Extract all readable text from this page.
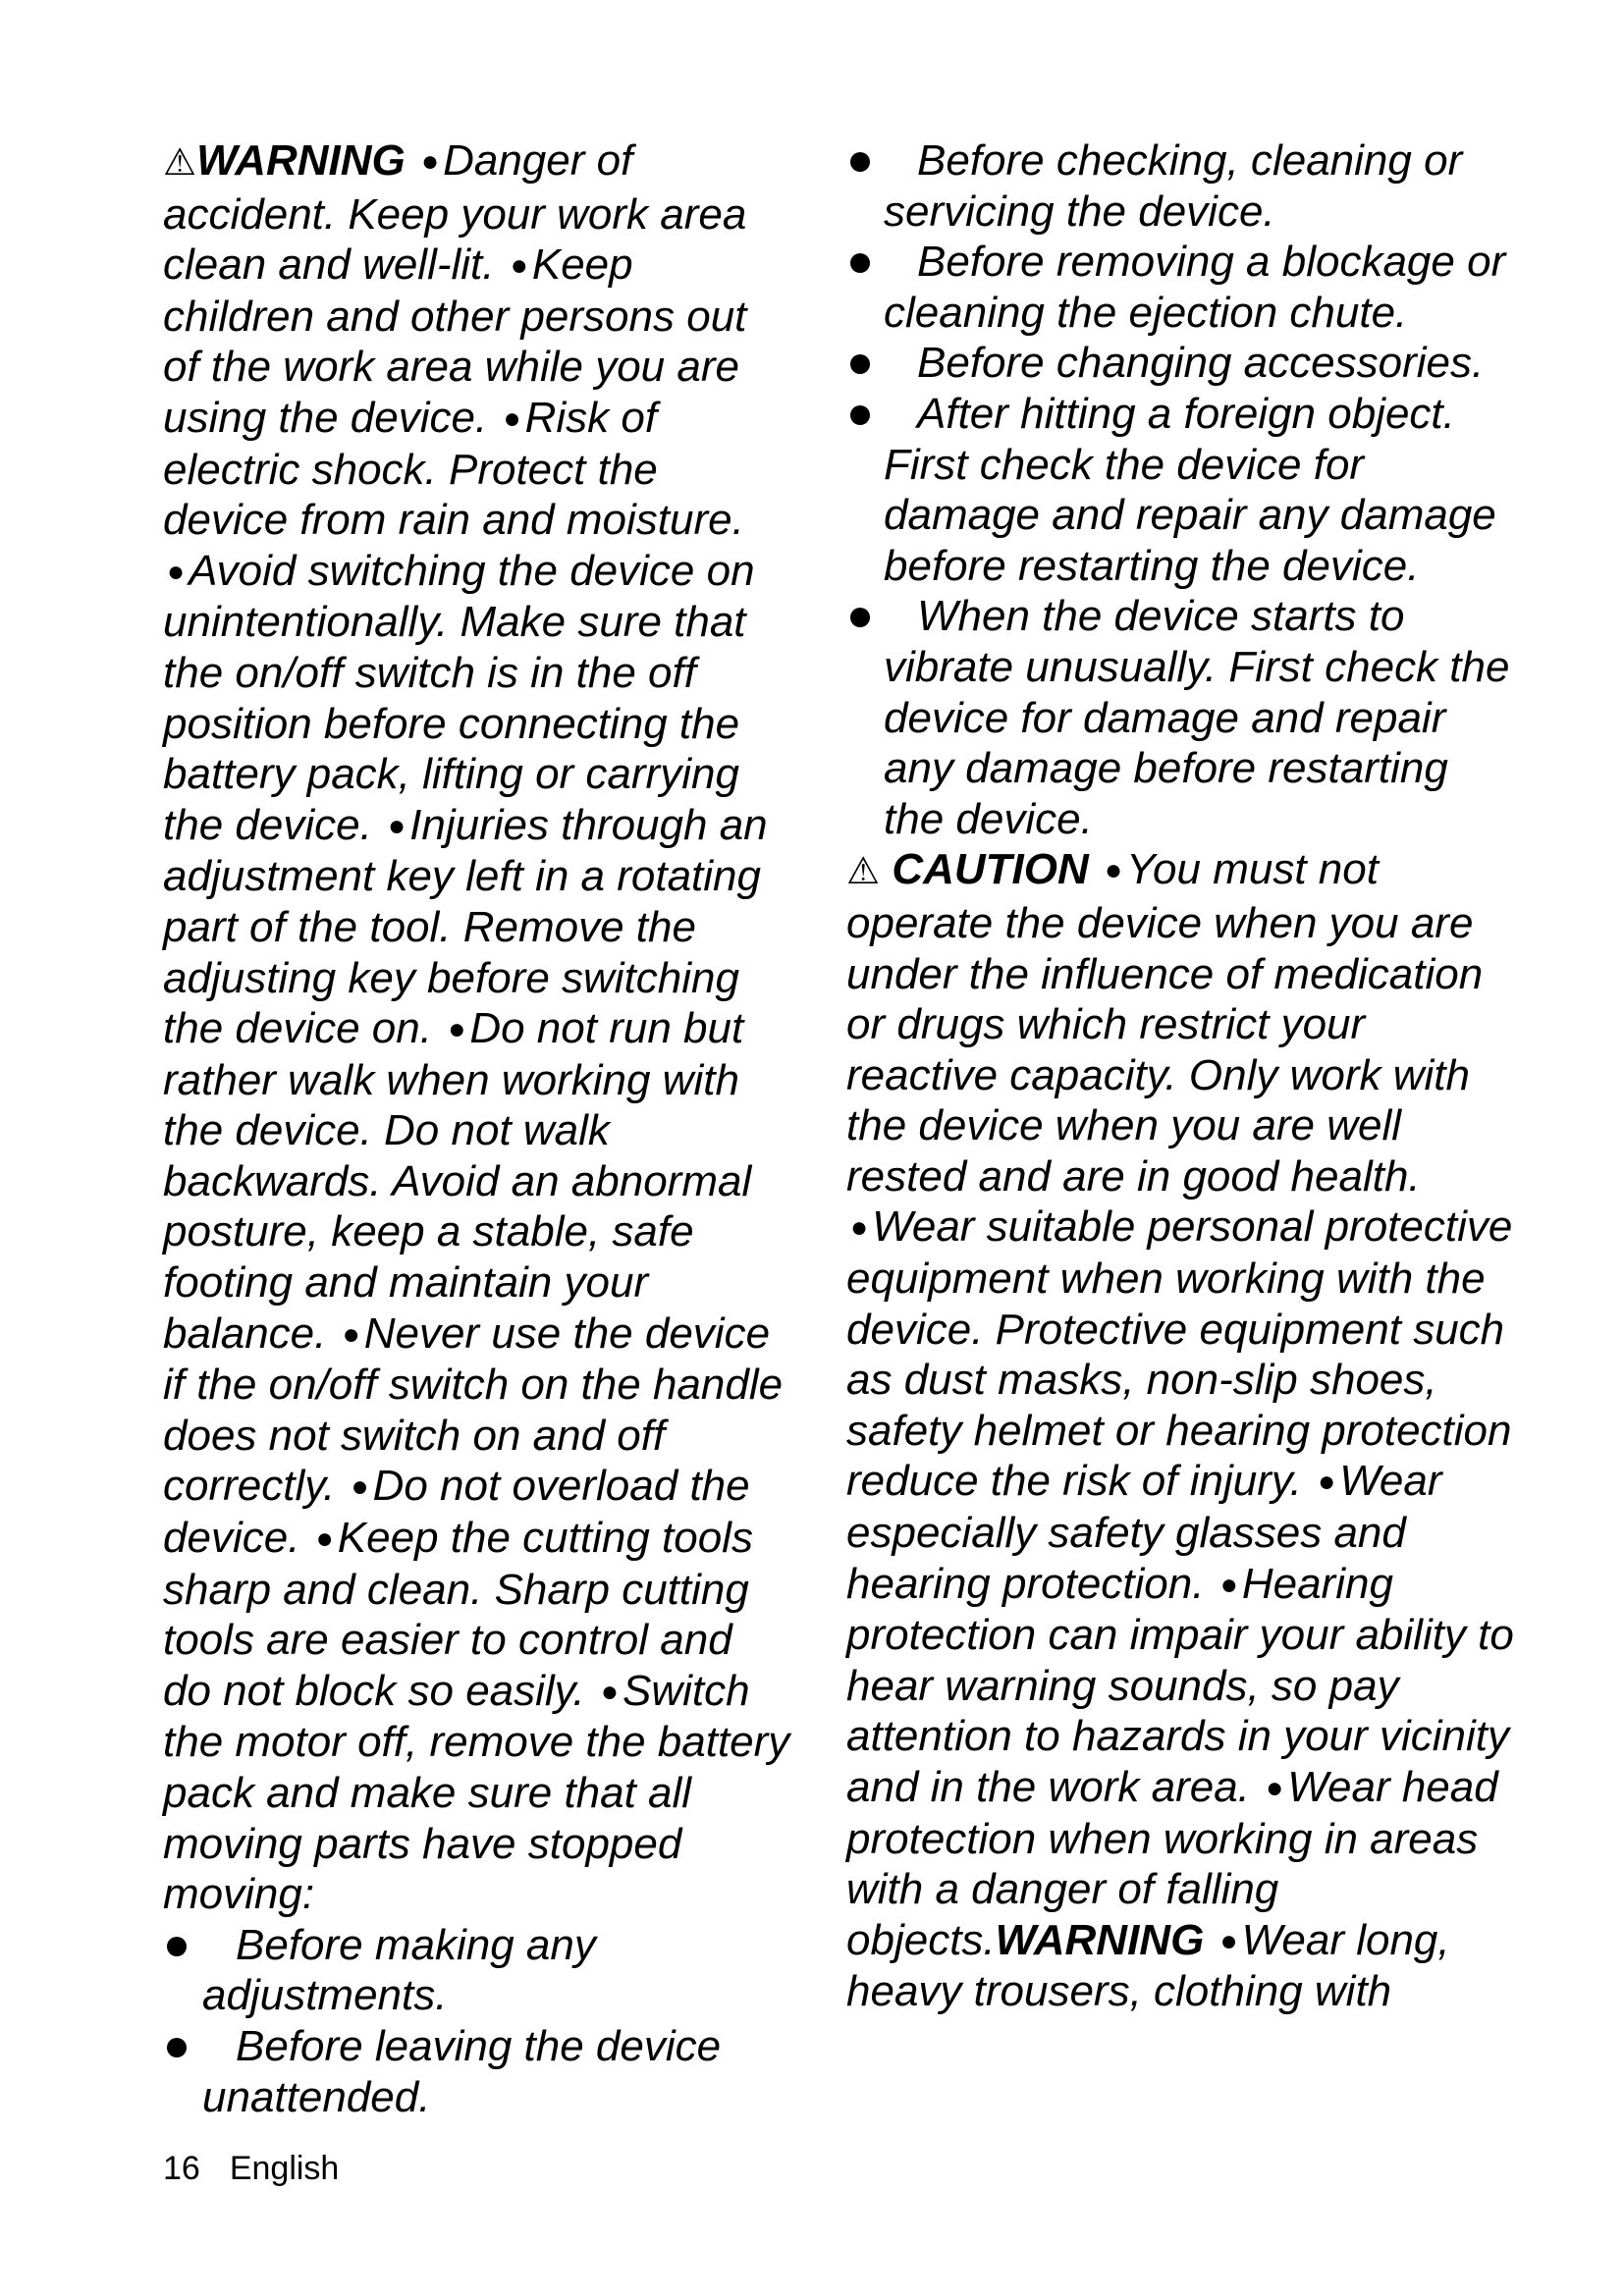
⚠WARNING ●Danger of accident. Keep your work area clean and well-lit. ●Keep children and other persons out of the work area while you are using the device. ●Risk of electric shock. Protect the device from rain and moisture. ●Avoid switching the device on unintentionally. Make sure that the on/off switch is in the off position before connecting the battery pack, lifting or carrying the device. ●Injuries through an adjustment key left in a rotating part of the tool. Remove the adjusting key before switching the device on. ●Do not run but rather walk when working with the device. Do not walk backwards. Avoid an abnormal posture, keep a stable, safe footing and maintain your balance. ●Never use the device if the on/off switch on the handle does not switch on and off correctly. ●Do not overload the device. ●Keep the cutting tools sharp and clean. Sharp cutting tools are easier to control and do not block so easily. ●Switch the motor off, remove the battery pack and make sure that all moving parts have stopped moving:

Before making any adjustments.
Before leaving the device unattended.
Before checking, cleaning or servicing the device.
Before removing a blockage or cleaning the ejection chute.
Before changing accessories.
After hitting a foreign object. First check the device for damage and repair any damage before restarting the device.
When the device starts to vibrate unusually. First check the device for damage and repair any damage before restarting the device.

⚠ CAUTION ●You must not operate the device when you are under the influence of medication or drugs which restrict your reactive capacity. Only work with the device when you are well rested and are in good health. ●Wear suitable personal protective equipment when working with the device. Protective equipment such as dust masks, non-slip shoes, safety helmet or hearing protection reduce the risk of injury. ●Wear especially safety glasses and hearing protection. ●Hearing protection can impair your ability to hear warning sounds, so pay attention to hazards in your vicinity and in the work area. ●Wear head protection when working in areas with a danger of falling objects.WARNING ●Wear long, heavy trousers, clothing with

16 English
